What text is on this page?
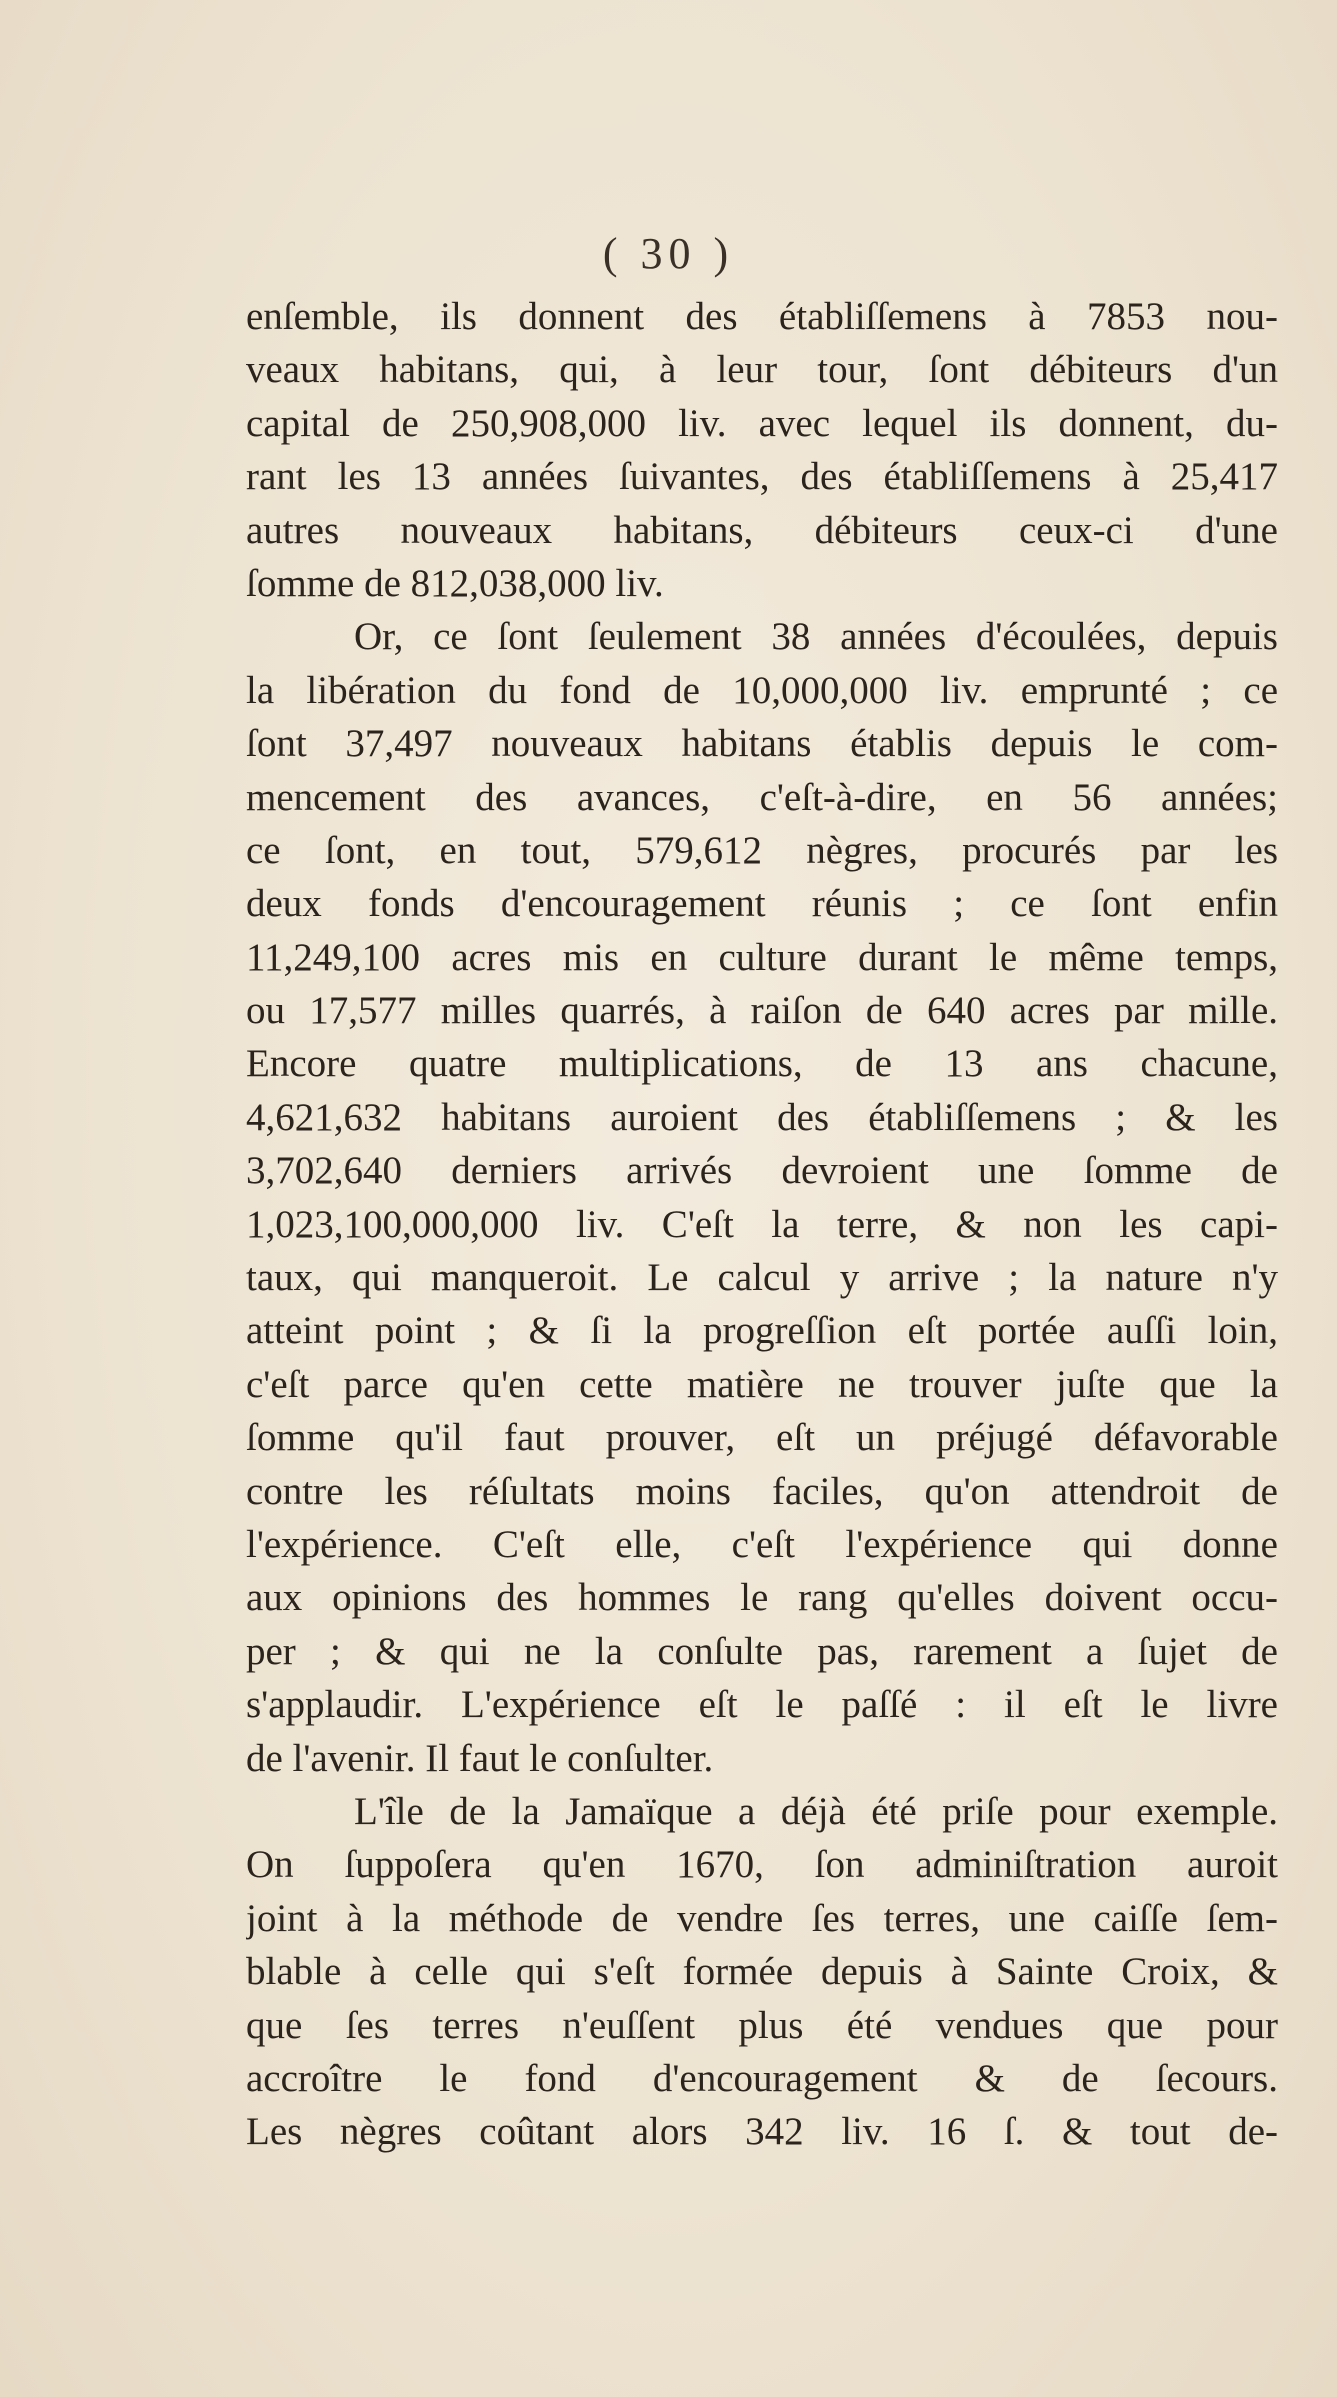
( 30 )
enſemble, ils donnent des établiſſemens à 7853 nou-
veaux habitans, qui, à leur tour, ſont débiteurs d'un
capital de 250,908,000 liv. avec lequel ils donnent, du-
rant les 13 années ſuivantes, des établiſſemens à 25,417
autres nouveaux habitans, débiteurs ceux-ci d'une
ſomme de 812,038,000 liv.
Or, ce ſont ſeulement 38 années d'écoulées, depuis
la libération du fond de 10,000,000 liv. emprunté ; ce
ſont 37,497 nouveaux habitans établis depuis le com-
mencement des avances, c'eſt-à-dire, en 56 années;
ce ſont, en tout, 579,612 nègres, procurés par les
deux fonds d'encouragement réunis ; ce ſont enfin
11,249,100 acres mis en culture durant le même temps,
ou 17,577 milles quarrés, à raiſon de 640 acres par mille.
Encore quatre multiplications, de 13 ans chacune,
4,621,632 habitans auroient des établiſſemens ; & les
3,702,640 derniers arrivés devroient une ſomme de
1,023,100,000,000 liv. C'eſt la terre, & non les capi-
taux, qui manqueroit. Le calcul y arrive ; la nature n'y
atteint point ; & ſi la progreſſion eſt portée auſſi loin,
c'eſt parce qu'en cette matière ne trouver juſte que la
ſomme qu'il faut prouver, eſt un préjugé défavorable
contre les réſultats moins faciles, qu'on attendroit de
l'expérience. C'eſt elle, c'eſt l'expérience qui donne
aux opinions des hommes le rang qu'elles doivent occu-
per ; & qui ne la conſulte pas, rarement a ſujet de
s'applaudir. L'expérience eſt le paſſé : il eſt le livre
de l'avenir. Il faut le conſulter.
L'île de la Jamaïque a déjà été priſe pour exemple.
On ſuppoſera qu'en 1670, ſon adminiſtration auroit
joint à la méthode de vendre ſes terres, une caiſſe ſem-
blable à celle qui s'eſt formée depuis à Sainte Croix, &
que ſes terres n'euſſent plus été vendues que pour
accroître le fond d'encouragement & de ſecours.
Les nègres coûtant alors 342 liv. 16 ſ. & tout de-
